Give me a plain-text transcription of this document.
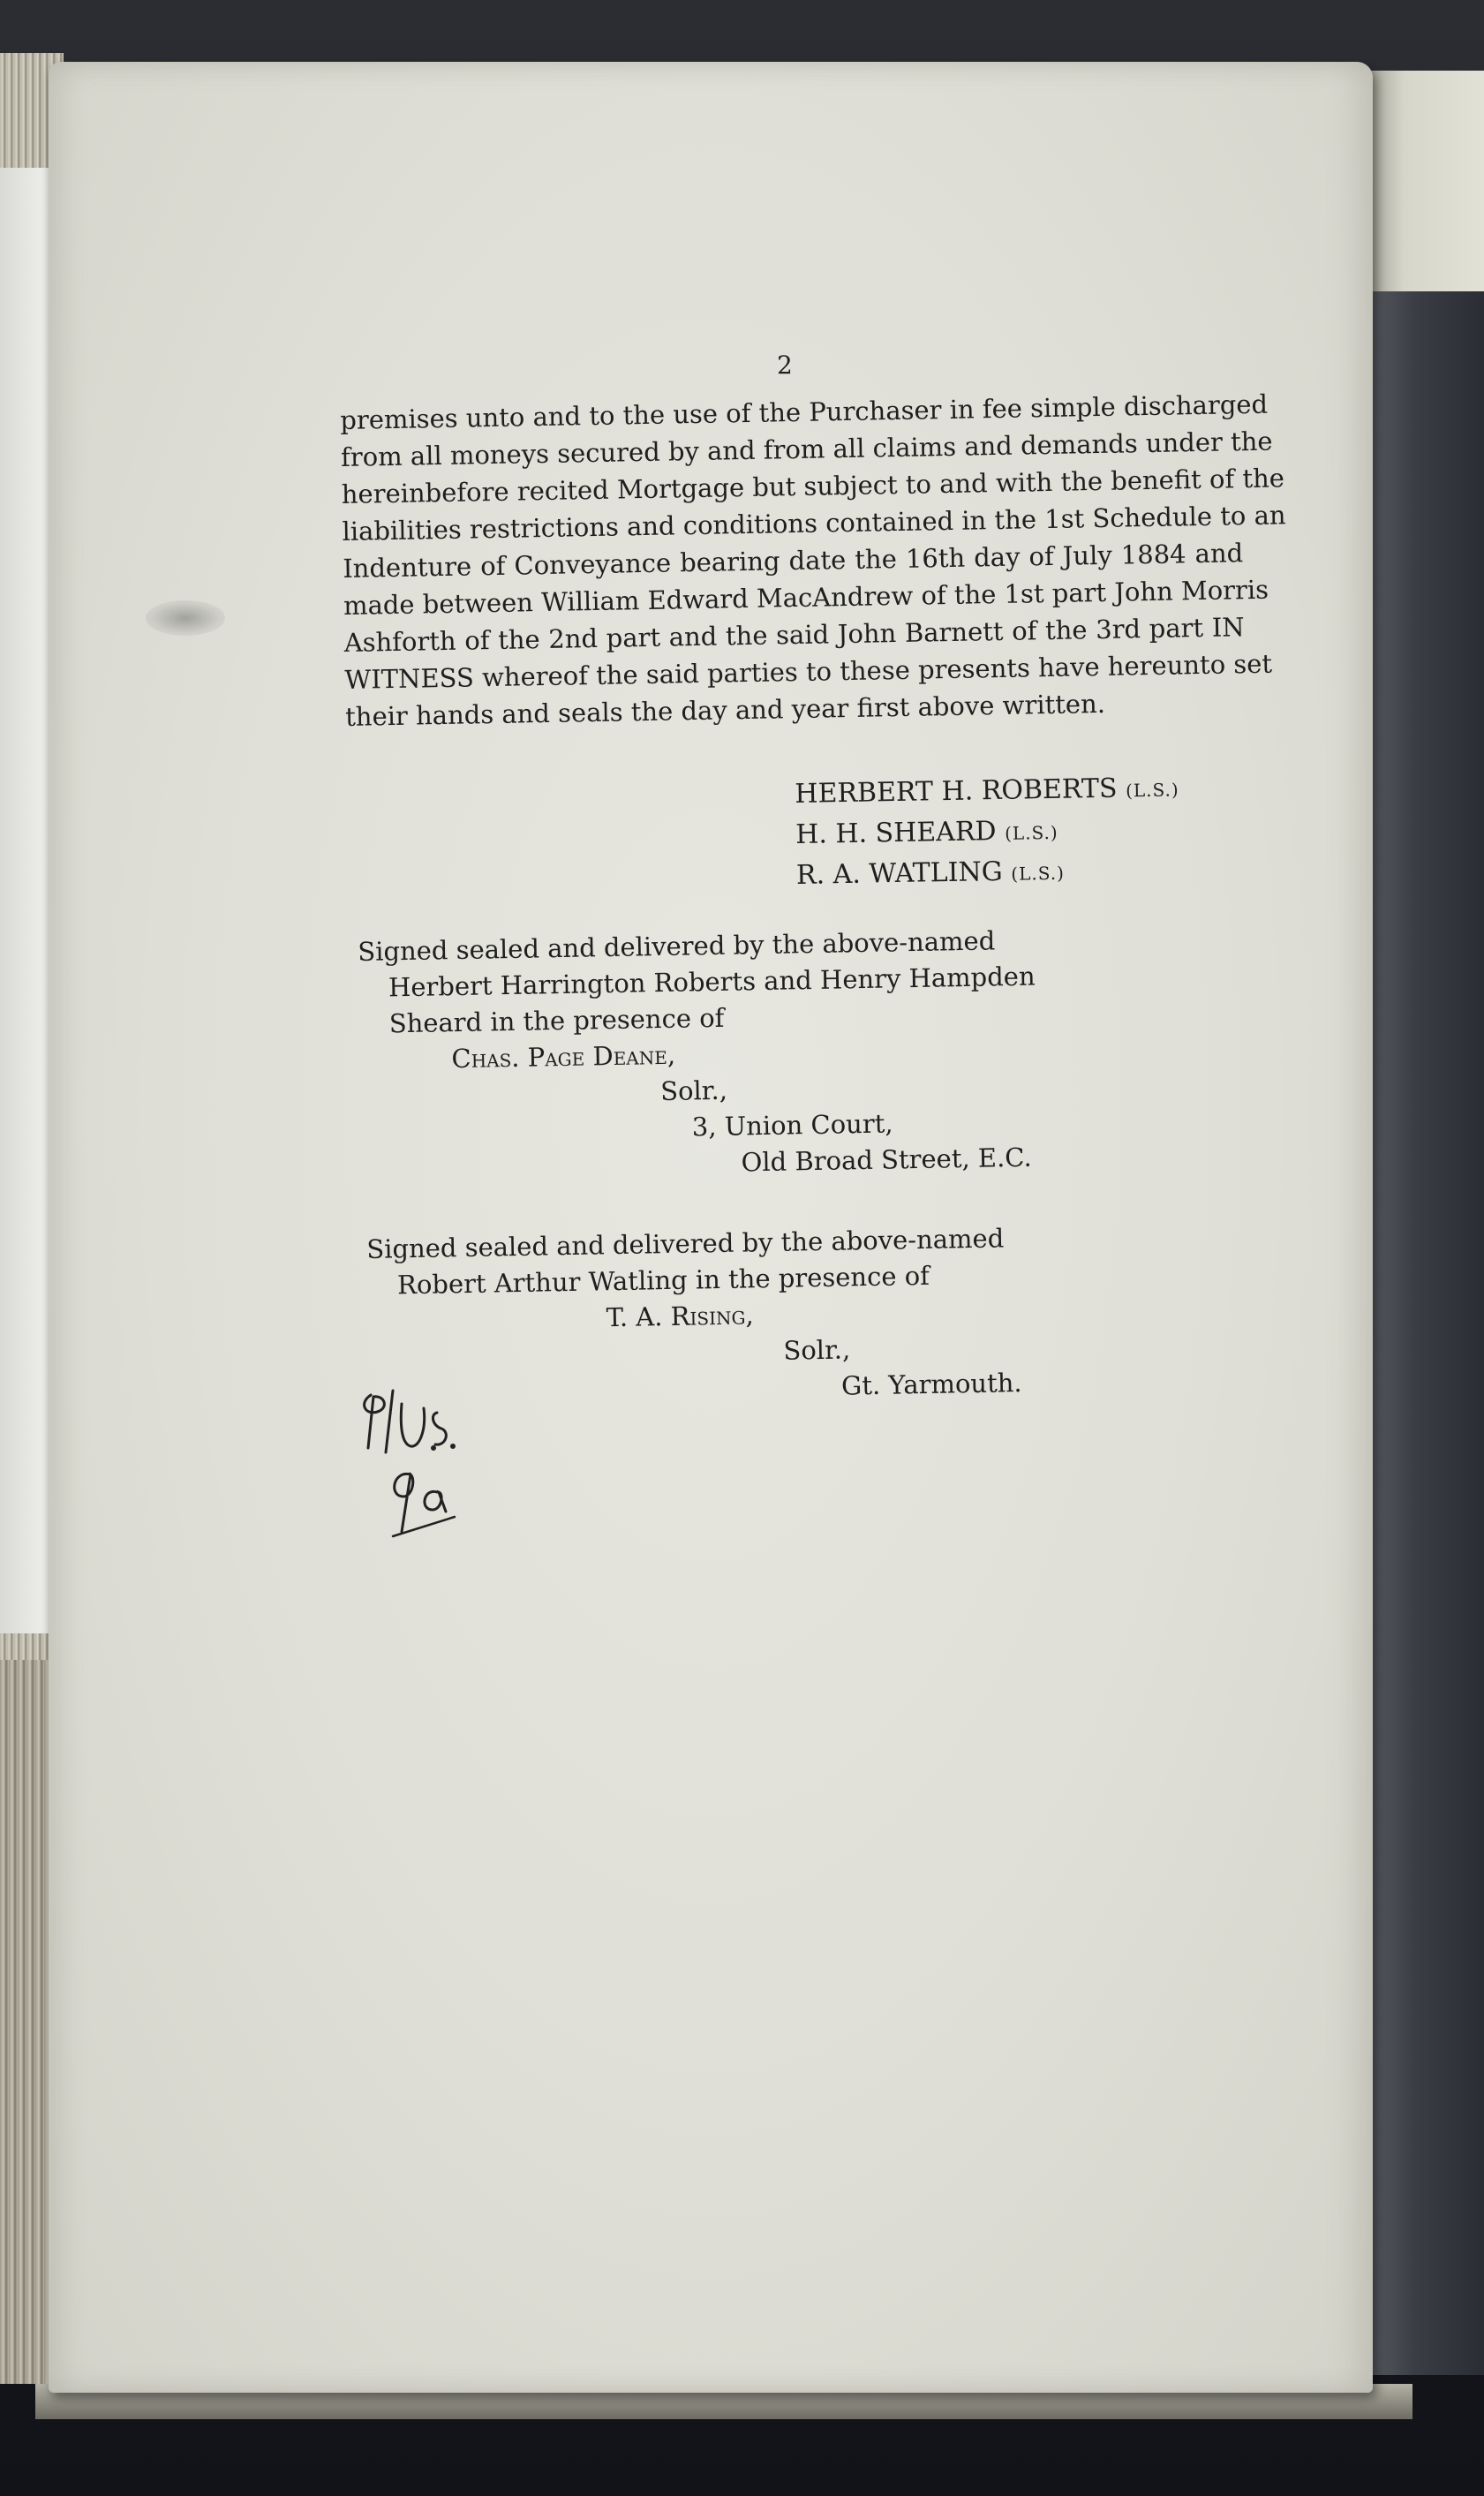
2
premises unto and to the use of the Purchaser in fee simple discharged
from all moneys secured by and from all claims and demands under the
hereinbefore recited Mortgage but subject to and with the benefit of the
liabilities restrictions and conditions contained in the 1st Schedule to an
Indenture of Conveyance bearing date the 16th day of July 1884 and
made between William Edward MacAndrew of the 1st part John Morris
Ashforth of the 2nd part and the said John Barnett of the 3rd part IN
WITNESS whereof the said parties to these presents have hereunto set
their hands and seals the day and year first above written.
HERBERT H. ROBERTS (L.S.)
H. H. SHEARD (L.S.)
R. A. WATLING (L.S.)
Signed sealed and delivered by the above-named
Herbert Harrington Roberts and Henry Hampden
Sheard in the presence of
Chas. Page Deane,
Solr.,
3, Union Court,
Old Broad Street, E.C.
Signed sealed and delivered by the above-named
Robert Arthur Watling in the presence of
T. A. Rising,
Solr.,
Gt. Yarmouth.
